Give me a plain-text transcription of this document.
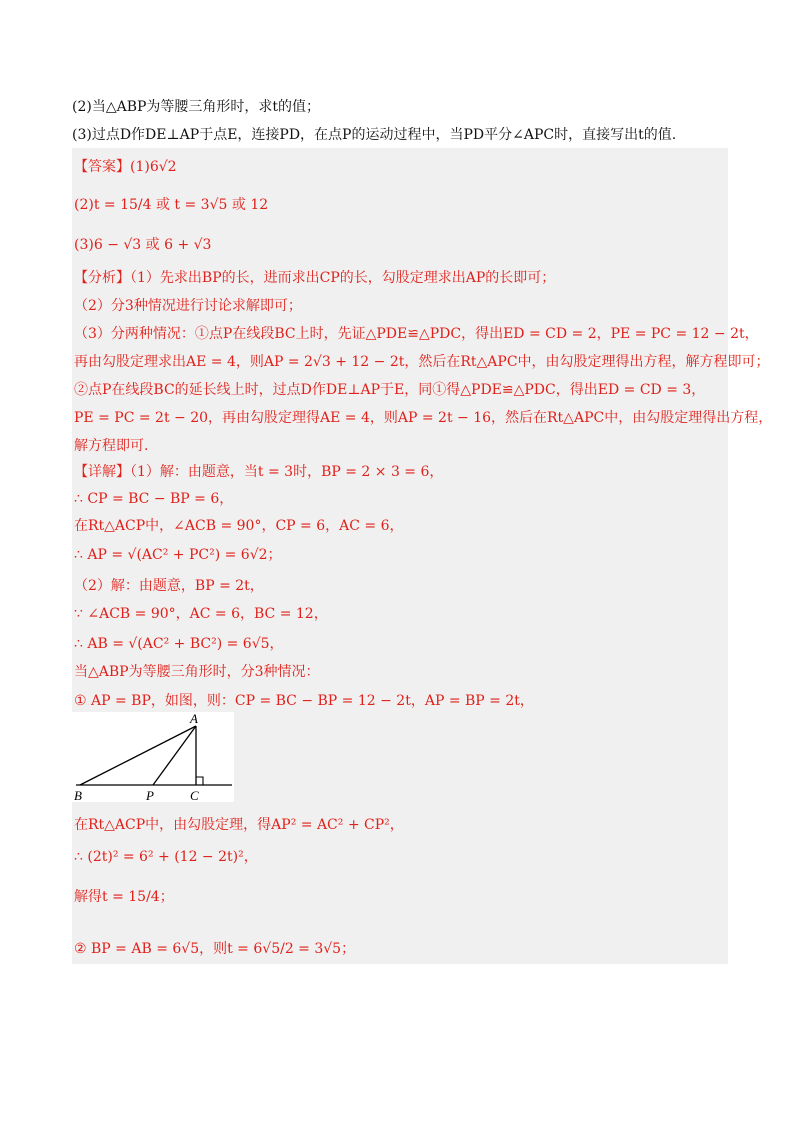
(2)当△ABP为等腰三角形时，求t的值；
(3)过点D作DE⊥AP于点E，连接PD，在点P的运动过程中，当PD平分∠APC时，直接写出t的值.
【答案】(1)6√2
(2)t = 15/4 或 t = 3√5 或 12
(3)6 − √3 或 6 + √3
【分析】（1）先求出BP的长，进而求出CP的长，勾股定理求出AP的长即可；
（2）分3种情况进行讨论求解即可；
（3）分两种情况：①点P在线段BC上时，先证△PDE≌△PDC，得出ED = CD = 2，PE = PC = 12 − 2t，
再由勾股定理求出AE = 4，则AP = 2√3 + 12 − 2t，然后在Rt△APC中，由勾股定理得出方程，解方程即可；
②点P在线段BC的延长线上时，过点D作DE⊥AP于E，同①得△PDE≌△PDC，得出ED = CD = 3，
PE = PC = 2t − 20，再由勾股定理得AE = 4，则AP = 2t − 16，然后在Rt△APC中，由勾股定理得出方程，
解方程即可.
【详解】（1）解：由题意，当t = 3时，BP = 2 × 3 = 6，
∴ CP = BC − BP = 6，
在Rt△ACP中，∠ACB = 90°，CP = 6，AC = 6，
∴ AP = √(AC² + PC²) = 6√2；
（2）解：由题意，BP = 2t，
∵ ∠ACB = 90°，AC = 6，BC = 12，
∴ AB = √(AC² + BC²) = 6√5，
当△ABP为等腰三角形时，分3种情况：
① AP = BP，如图，则：CP = BC − BP = 12 − 2t，AP = BP = 2t，
A
B	P	C
在Rt△ACP中，由勾股定理，得AP² = AC² + CP²，
∴ (2t)² = 6² + (12 − 2t)²，
解得t = 15/4；
② BP = AB = 6√5，则t = 6√5/2 = 3√5；
